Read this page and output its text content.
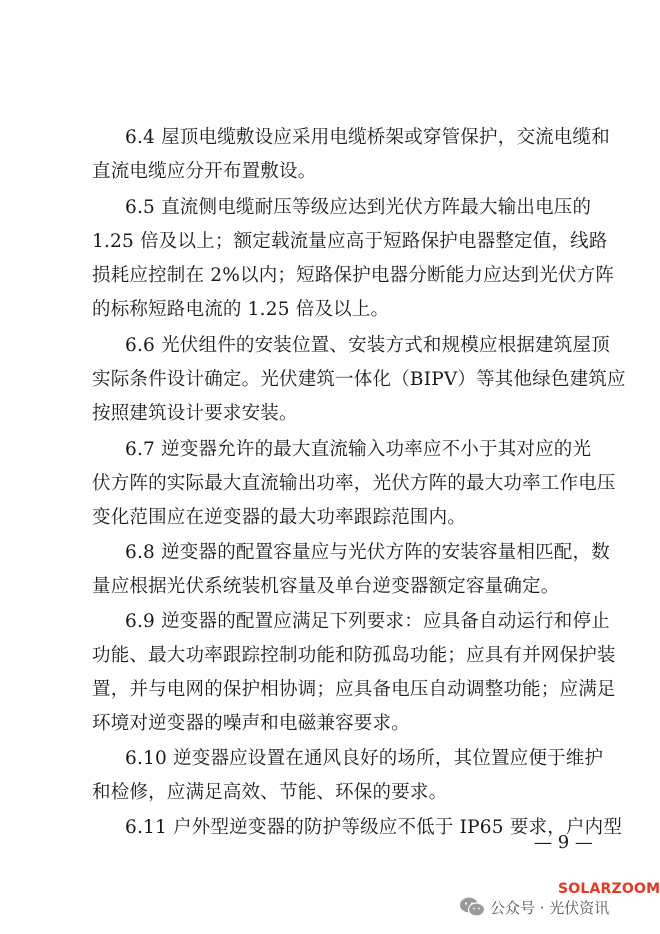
6.4 屋顶电缆敷设应采用电缆桥架或穿管保护，交流电缆和
直流电缆应分开布置敷设。
6.5 直流侧电缆耐压等级应达到光伏方阵最大输出电压的
1.25 倍及以上；额定载流量应高于短路保护电器整定值，线路
损耗应控制在 2%以内；短路保护电器分断能力应达到光伏方阵
的标称短路电流的 1.25 倍及以上。
6.6 光伏组件的安装位置、安装方式和规模应根据建筑屋顶
实际条件设计确定。光伏建筑一体化（BIPV）等其他绿色建筑应
按照建筑设计要求安装。
6.7 逆变器允许的最大直流输入功率应不小于其对应的光
伏方阵的实际最大直流输出功率，光伏方阵的最大功率工作电压
变化范围应在逆变器的最大功率跟踪范围内。
6.8 逆变器的配置容量应与光伏方阵的安装容量相匹配，数
量应根据光伏系统装机容量及单台逆变器额定容量确定。
6.9 逆变器的配置应满足下列要求：应具备自动运行和停止
功能、最大功率跟踪控制功能和防孤岛功能；应具有并网保护装
置，并与电网的保护相协调；应具备电压自动调整功能；应满足
环境对逆变器的噪声和电磁兼容要求。
6.10 逆变器应设置在通风良好的场所，其位置应便于维护
和检修，应满足高效、节能、环保的要求。
6.11 户外型逆变器的防护等级应不低于 IP65 要求，户内型
— 9 —
SOLARZOOM
公众号 · 光伏资讯
